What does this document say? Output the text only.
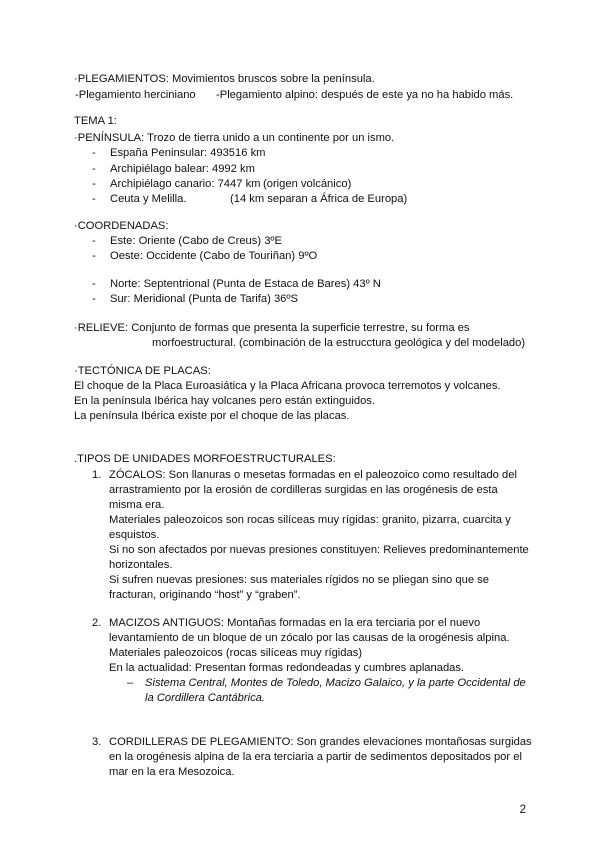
·PLEGAMIENTOS: Movimientos bruscos sobre la península.
-Plegamiento herciniano -Plegamiento alpino: después de este ya no ha habido más.
TEMA 1:
·PENÍNSULA: Trozo de tierra unido a un continente por un ismo.
- España Peninsular: 493516 km
- Archipiélago balear: 4992 km
- Archipiélago canario: 7447 km (origen volcánico)
- Ceuta y Melilla.	(14 km separan a África de Europa)
·COORDENADAS:
- Este: Oriente (Cabo de Creus) 3ºE
- Oeste: Occidente (Cabo de Touriñan) 9ºO
- Norte: Septentrional (Punta de Estaca de Bares) 43º N
- Sur: Meridional (Punta de Tarifa) 36ºS
·RELIEVE: Conjunto de formas que presenta la superficie terrestre, su forma es
morfoestructural. (combinación de la estrucctura geológica y del modelado)
·TECTÓNICA DE PLACAS:
El choque de la Placa Euroasiática y la Placa Africana provoca terremotos y volcanes.
En la península Ibérica hay volcanes pero están extinguidos.
La península Ibérica existe por el choque de las placas.
.TIPOS DE UNIDADES MORFOESTRUCTURALES:
1. ZÓCALOS: Son llanuras o mesetas formadas en el paleozoico como resultado del
arrastramiento por la erosión de cordilleras surgidas en las orogénesis de esta
misma era.
Materiales paleozoicos son rocas silíceas muy rígidas: granito, pizarra, cuarcita y
esquistos.
Si no son afectados por nuevas presiones constituyen: Relieves predominantemente
horizontales.
Si sufren nuevas presiones: sus materiales rígidos no se pliegan sino que se
fracturan, originando “host” y “graben”.
2. MACIZOS ANTIGUOS: Montañas formadas en la era terciaria por el nuevo
levantamiento de un bloque de un zócalo por las causas de la orogénesis alpina.
Materiales paleozoicos (rocas silíceas muy rígidas)
En la actualidad: Presentan formas redondeadas y cumbres aplanadas.
– Sistema Central, Montes de Toledo, Macizo Galaico, y la parte Occidental de
la Cordillera Cantábrica.
3. CORDILLERAS DE PLEGAMIENTO: Son grandes elevaciones montañosas surgidas
en la orogénesis alpina de la era terciaria a partir de sedimentos depositados por el
mar en la era Mesozoica.
2
